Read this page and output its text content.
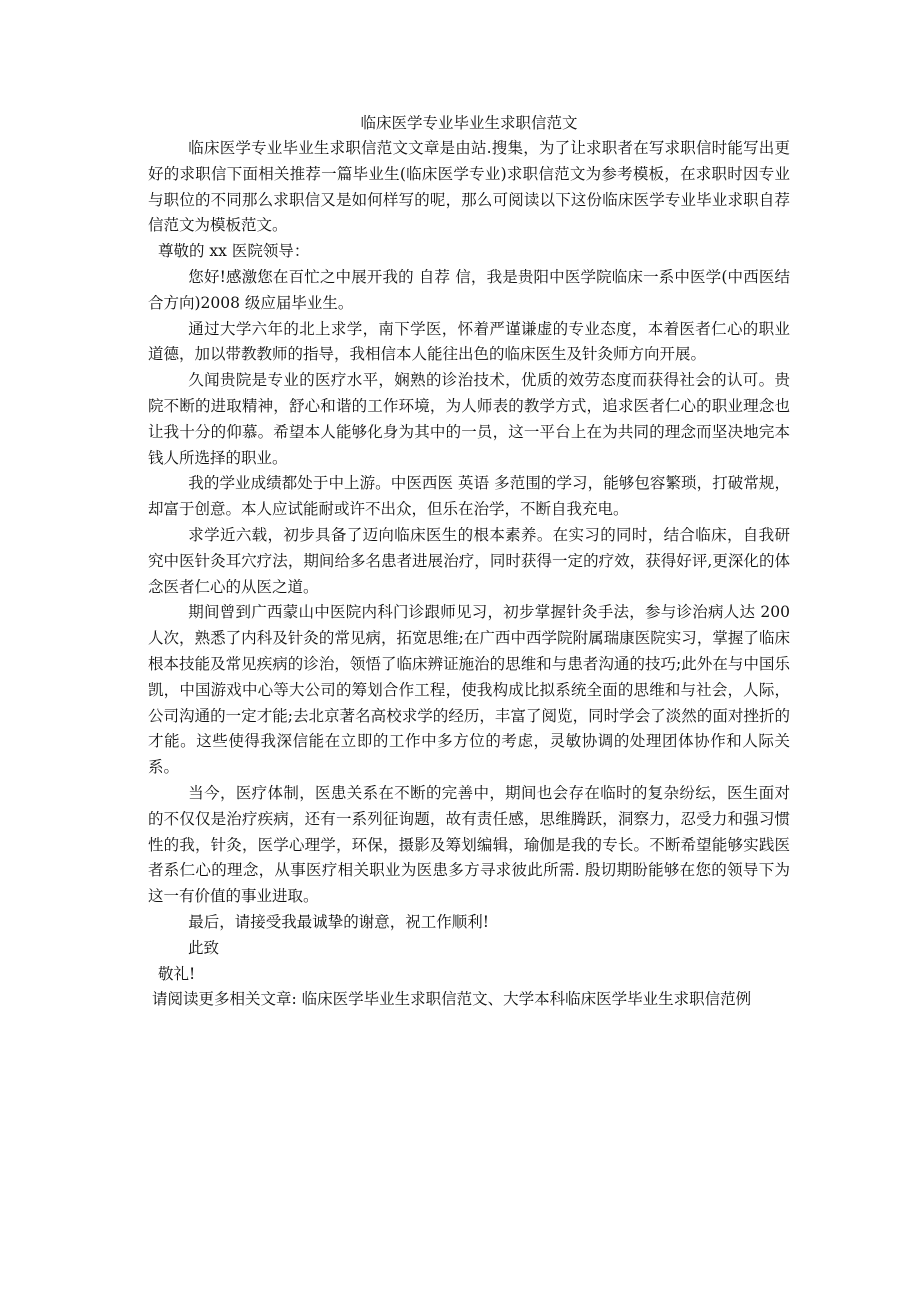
临床医学专业毕业生求职信范文

临床医学专业毕业生求职信范文文章是由站.搜集，为了让求职者在写求职信时能写出更好的求职信下面相关推荐一篇毕业生(临床医学专业)求职信范文为参考模板，在求职时因专业与职位的不同那么求职信又是如何样写的呢，那么可阅读以下这份临床医学专业毕业求职自荐信范文为模板范文。

尊敬的 xx 医院领导：

您好!感激您在百忙之中展开我的 自荐 信，我是贵阳中医学院临床一系中医学(中西医结合方向)2008 级应届毕业生。

通过大学六年的北上求学，南下学医，怀着严谨谦虚的专业态度，本着医者仁心的职业道德，加以带教教师的指导，我相信本人能往出色的临床医生及针灸师方向开展。

久闻贵院是专业的医疗水平，娴熟的诊治技术，优质的效劳态度而获得社会的认可。贵院不断的进取精神，舒心和谐的工作环境，为人师表的教学方式，追求医者仁心的职业理念也让我十分的仰慕。希望本人能够化身为其中的一员，这一平台上在为共同的理念而坚决地完本钱人所选择的职业。

我的学业成绩都处于中上游。中医西医 英语 多范围的学习，能够包容繁琐，打破常规，却富于创意。本人应试能耐或许不出众，但乐在治学，不断自我充电。

求学近六载，初步具备了迈向临床医生的根本素养。在实习的同时，结合临床，自我研究中医针灸耳穴疗法，期间给多名患者进展治疗，同时获得一定的疗效，获得好评,更深化的体念医者仁心的从医之道。

期间曾到广西蒙山中医院内科门诊跟师见习，初步掌握针灸手法，参与诊治病人达 200 人次，熟悉了内科及针灸的常见病，拓宽思维;在广西中西学院附属瑞康医院实习，掌握了临床根本技能及常见疾病的诊治，领悟了临床辨证施治的思维和与患者沟通的技巧;此外在与中国乐凯，中国游戏中心等大公司的筹划合作工程，使我构成比拟系统全面的思维和与社会，人际，公司沟通的一定才能;去北京著名高校求学的经历，丰富了阅览，同时学会了淡然的面对挫折的才能。这些使得我深信能在立即的工作中多方位的考虑，灵敏协调的处理团体协作和人际关系。

当今，医疗体制，医患关系在不断的完善中，期间也会存在临时的复杂纷纭，医生面对的不仅仅是治疗疾病，还有一系列征询题，故有责任感，思维腾跃，洞察力，忍受力和强习惯性的我，针灸，医学心理学，环保，摄影及筹划编辑，瑜伽是我的专长。不断希望能够实践医者系仁心的理念，从事医疗相关职业为医患多方寻求彼此所需. 殷切期盼能够在您的领导下为这一有价值的事业进取。

最后，请接受我最诚挚的谢意，祝工作顺利!

此致

敬礼!

请阅读更多相关文章: 临床医学毕业生求职信范文、大学本科临床医学毕业生求职信范例
